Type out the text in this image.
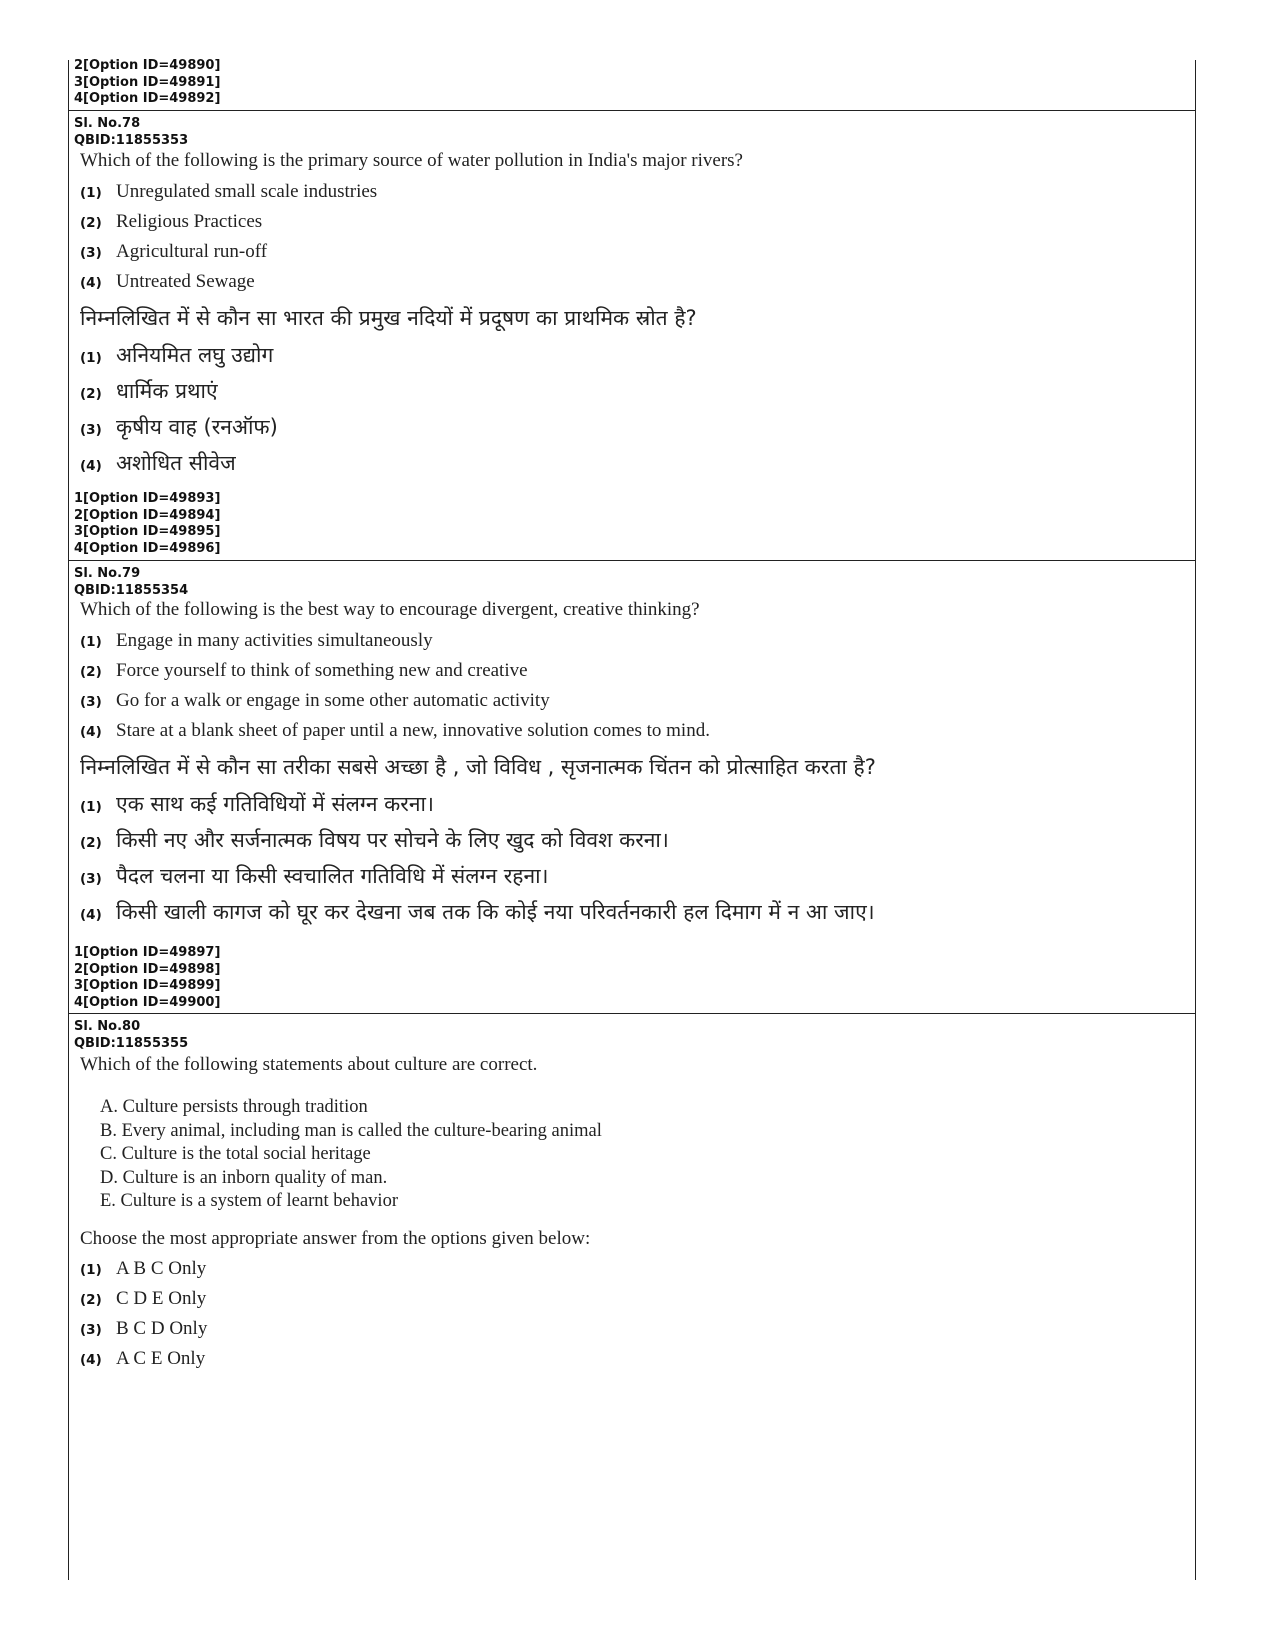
2[Option ID=49890]
3[Option ID=49891]
4[Option ID=49892]
Sl. No.78
QBID:11855353
Which of the following is the primary source of water pollution in India's major rivers?
(1) Unregulated small scale industries
(2) Religious Practices
(3) Agricultural run-off
(4) Untreated Sewage
निम्नलिखित में से कौन सा भारत की प्रमुख नदियों में प्रदूषण का प्राथमिक स्रोत है?
(1) अनियमित लघु उद्योग
(2) धार्मिक प्रथाएं
(3) कृषीय वाह (रनऑफ)
(4) अशोधित सीवेज
1[Option ID=49893]
2[Option ID=49894]
3[Option ID=49895]
4[Option ID=49896]
Sl. No.79
QBID:11855354
Which of the following is the best way to encourage divergent, creative thinking?
(1) Engage in many activities simultaneously
(2) Force yourself to think of something new and creative
(3) Go for a walk or engage in some other automatic activity
(4) Stare at a blank sheet of paper until a new, innovative solution comes to mind.
निम्नलिखित में से कौन सा तरीका सबसे अच्छा है , जो विविध , सृजनात्मक चिंतन को प्रोत्साहित करता है?
(1) एक साथ कई गतिविधियों में संलग्न करना।
(2) किसी नए और सर्जनात्मक विषय पर सोचने के लिए खुद को विवश करना।
(3) पैदल चलना या किसी स्वचालित गतिविधि में संलग्न रहना।
(4) किसी खाली कागज को घूर कर देखना जब तक कि कोई नया परिवर्तनकारी हल दिमाग में न आ जाए।
1[Option ID=49897]
2[Option ID=49898]
3[Option ID=49899]
4[Option ID=49900]
Sl. No.80
QBID:11855355
Which of the following statements about culture are correct.
A. Culture persists through tradition
B. Every animal, including man is called the culture-bearing animal
C. Culture is the total social heritage
D. Culture is an inborn quality of man.
E. Culture is a system of learnt behavior
Choose the most appropriate answer from the options given below:
(1) A B C Only
(2) C D E Only
(3) B C D Only
(4) A C E Only
